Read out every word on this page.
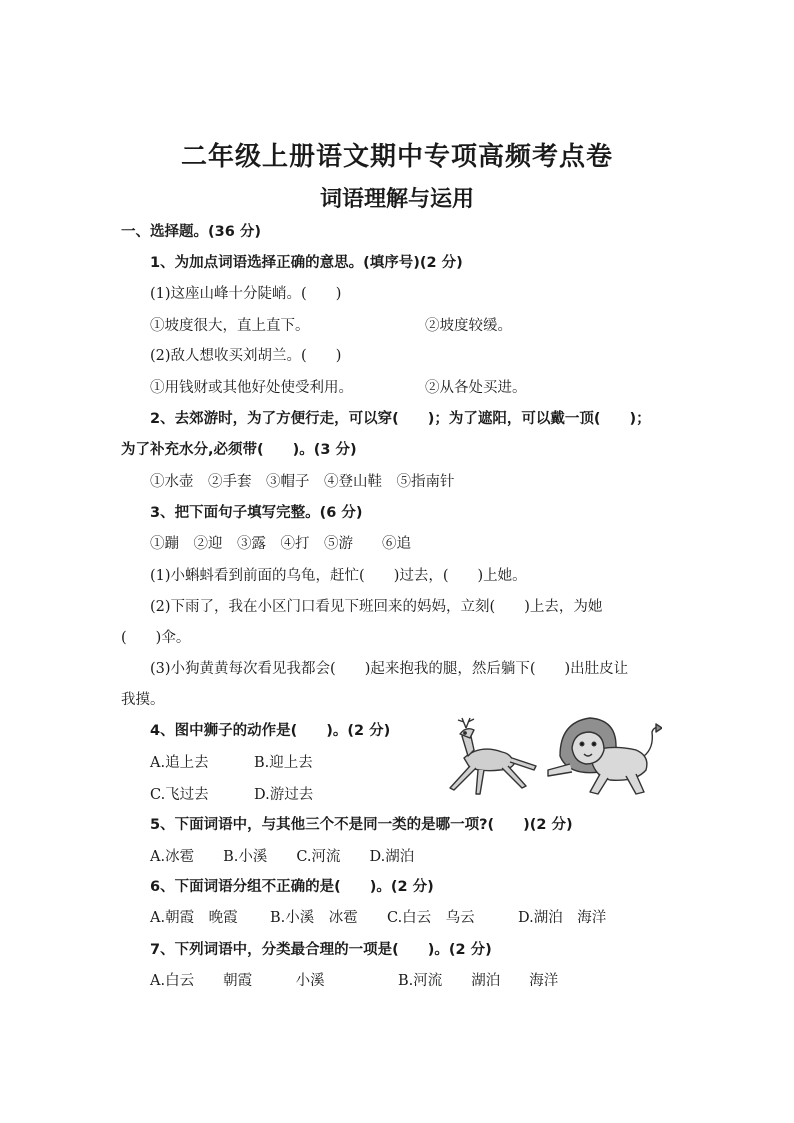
二年级上册语文期中专项高频考点卷
词语理解与运用
一、选择题。(36 分)
1、为加点词语选择正确的意思。(填序号)(2 分)
(1)这座山峰十分陡峭。(　　)
①坡度很大，直上直下。	②坡度较缓。
(2)敌人想收买刘胡兰。(　　)
①用钱财或其他好处使受利用。	②从各处买进。
2、去郊游时，为了方便行走，可以穿(　　)；为了遮阳，可以戴一顶(　　)；
为了补充水分,必须带(　　)。(3 分)
①水壶　②手套　③帽子　④登山鞋　⑤指南针
3、把下面句子填写完整。(6 分)
①蹦　②迎　③露　④打　⑤游　　⑥追
(1)小蝌蚪看到前面的乌龟，赶忙(　　)过去，(　　)上她。
(2)下雨了，我在小区门口看见下班回来的妈妈，立刻(　　)上去，为她
(　　)伞。
(3)小狗黄黄每次看见我都会(　　)起来抱我的腿，然后躺下(　　)出肚皮让
我摸。
4、图中狮子的动作是(　　)。(2 分)
A.追上去	B.迎上去
C.飞过去	D.游过去
5、下面词语中，与其他三个不是同一类的是哪一项?(　　)(2 分)
A.冰雹　　B.小溪　　C.河流　　D.湖泊
6、下面词语分组不正确的是(　　)。(2 分)
A.朝霞　晚霞 B.小溪　冰雹 C.白云　乌云	D.湖泊　海洋
7、下列词语中，分类最合理的一项是(　　)。(2 分)
A.白云　　朝霞　　　小溪	B.河流　　湖泊　　海洋
